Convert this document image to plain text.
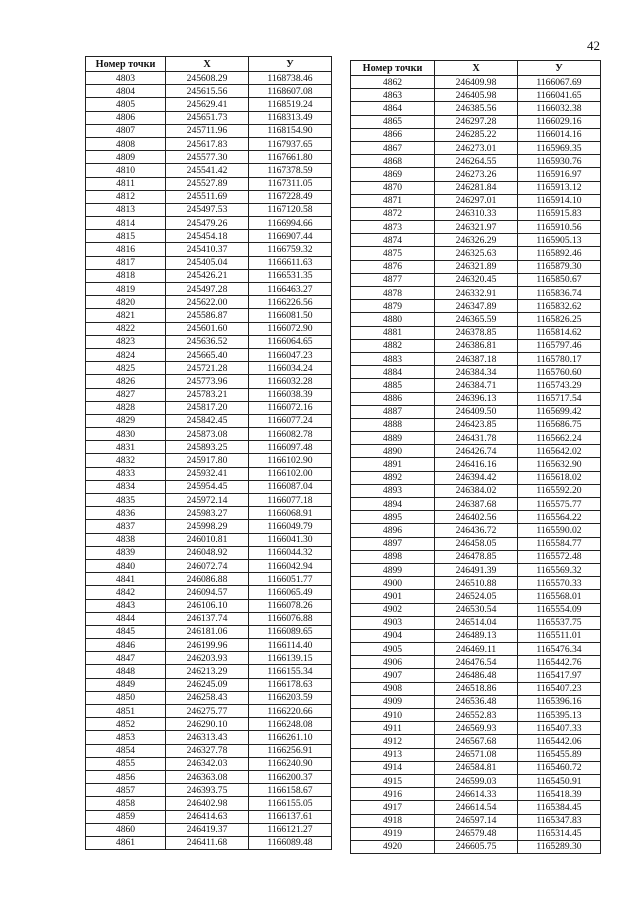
42
Номер точки	X	У
4803	245608.29	1168738.46
4804	245615.56	1168607.08
4805	245629.41	1168519.24
4806	245651.73	1168313.49
4807	245711.96	1168154.90
4808	245617.83	1167937.65
4809	245577.30	1167661.80
4810	245541.42	1167378.59
4811	245527.89	1167311.05
4812	245511.69	1167228.49
4813	245497.53	1167120.58
4814	245479.26	1166994.66
4815	245454.18	1166907.44
4816	245410.37	1166759.32
4817	245405.04	1166611.63
4818	245426.21	1166531.35
4819	245497.28	1166463.27
4820	245622.00	1166226.56
4821	245586.87	1166081.50
4822	245601.60	1166072.90
4823	245636.52	1166064.65
4824	245665.40	1166047.23
4825	245721.28	1166034.24
4826	245773.96	1166032.28
4827	245783.21	1166038.39
4828	245817.20	1166072.16
4829	245842.45	1166077.24
4830	245873.08	1166082.78
4831	245893.25	1166097.48
4832	245917.80	1166102.90
4833	245932.41	1166102.00
4834	245954.45	1166087.04
4835	245972.14	1166077.18
4836	245983.27	1166068.91
4837	245998.29	1166049.79
4838	246010.81	1166041.30
4839	246048.92	1166044.32
4840	246072.74	1166042.94
4841	246086.88	1166051.77
4842	246094.57	1166065.49
4843	246106.10	1166078.26
4844	246137.74	1166076.88
4845	246181.06	1166089.65
4846	246199.96	1166114.40
4847	246203.93	1166139.15
4848	246213.29	1166155.34
4849	246245.09	1166178.63
4850	246258.43	1166203.59
4851	246275.77	1166220.66
4852	246290.10	1166248.08
4853	246313.43	1166261.10
4854	246327.78	1166256.91
4855	246342.03	1166240.90
4856	246363.08	1166200.37
4857	246393.75	1166158.67
4858	246402.98	1166155.05
4859	246414.63	1166137.61
4860	246419.37	1166121.27
4861	246411.68	1166089.48
Номер точки	X	У
4862	246409.98	1166067.69
4863	246405.98	1166041.65
4864	246385.56	1166032.38
4865	246297.28	1166029.16
4866	246285.22	1166014.16
4867	246273.01	1165969.35
4868	246264.55	1165930.76
4869	246273.26	1165916.97
4870	246281.84	1165913.12
4871	246297.01	1165914.10
4872	246310.33	1165915.83
4873	246321.97	1165910.56
4874	246326.29	1165905.13
4875	246325.63	1165892.46
4876	246321.89	1165879.30
4877	246320.45	1165850.67
4878	246332.91	1165836.74
4879	246347.89	1165832.62
4880	246365.59	1165826.25
4881	246378.85	1165814.62
4882	246386.81	1165797.46
4883	246387.18	1165780.17
4884	246384.34	1165760.60
4885	246384.71	1165743.29
4886	246396.13	1165717.54
4887	246409.50	1165699.42
4888	246423.85	1165686.75
4889	246431.78	1165662.24
4890	246426.74	1165642.02
4891	246416.16	1165632.90
4892	246394.42	1165618.02
4893	246384.02	1165592.20
4894	246387.68	1165575.77
4895	246402.56	1165564.22
4896	246436.72	1165590.02
4897	246458.05	1165584.77
4898	246478.85	1165572.48
4899	246491.39	1165569.32
4900	246510.88	1165570.33
4901	246524.05	1165568.01
4902	246530.54	1165554.09
4903	246514.04	1165537.75
4904	246489.13	1165511.01
4905	246469.11	1165476.34
4906	246476.54	1165442.76
4907	246486.48	1165417.97
4908	246518.86	1165407.23
4909	246536.48	1165396.16
4910	246552.83	1165395.13
4911	246569.93	1165407.33
4912	246567.68	1165442.06
4913	246571.08	1165455.89
4914	246584.81	1165460.72
4915	246599.03	1165450.91
4916	246614.33	1165418.39
4917	246614.54	1165384.45
4918	246597.14	1165347.83
4919	246579.48	1165314.45
4920	246605.75	1165289.30
